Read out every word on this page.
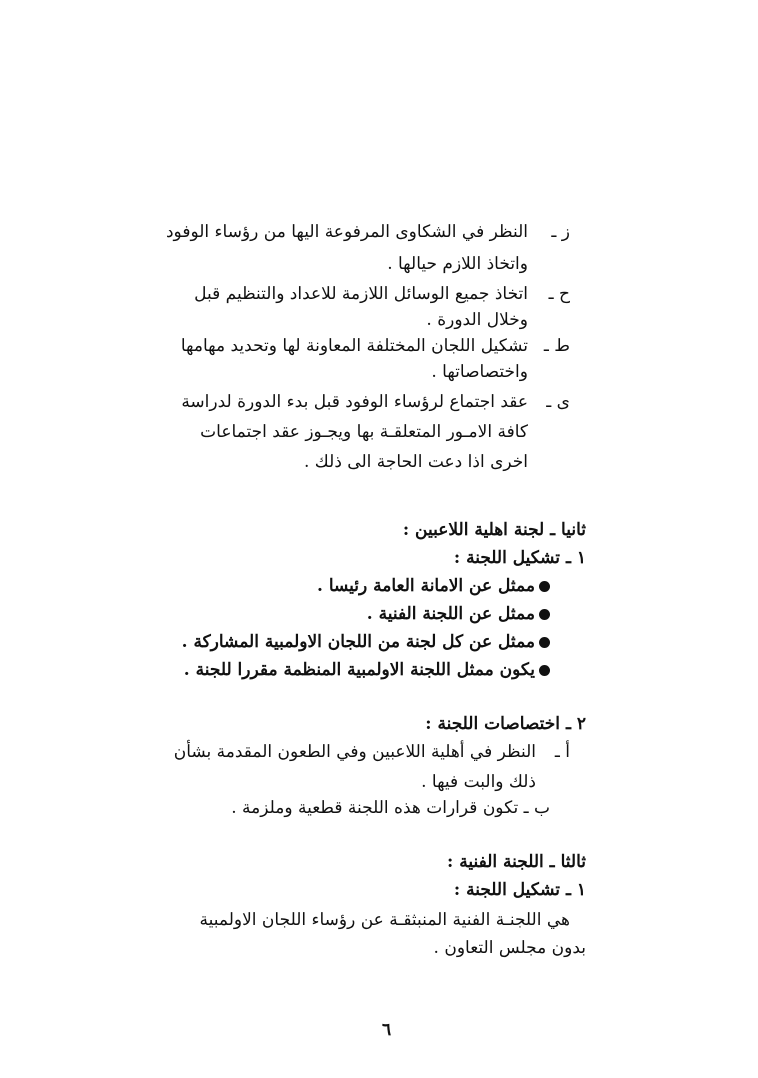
ز ـ
النظر في الشكاوى المرفوعة اليها من رؤساء الوفود
واتخاذ اللازم حيالها .
ح ـ
اتخاذ جميع الوسائل اللازمة للاعداد والتنظيم قبل
وخلال الدورة .
ط ـ
تشكيل اللجان المختلفة المعاونة لها وتحديد مهامها
واختصاصاتها .
ى ـ
عقد اجتماع لرؤساء الوفود قبل بدء الدورة لدراسة
كافة الامـور المتعلقـة بها ويجـوز عقد اجتماعات
اخرى اذا دعت الحاجة الى ذلك .
ثانيا ـ لجنة اهلية اللاعبين :
١ ـ تشكيل اللجنة :
ممثل عن الامانة العامة رئيسا .
ممثل عن اللجنة الفنية .
ممثل عن كل لجنة من اللجان الاولمبية المشاركة .
يكون ممثل اللجنة الاولمبية المنظمة مقررا للجنة .
٢ ـ اختصاصات اللجنة :
أ ـ
النظر في أهلية اللاعبين وفي الطعون المقدمة بشأن
ذلك والبت فيها .
ب ـ تكون قرارات هذه اللجنة قطعية وملزمة .
ثالثا ـ اللجنة الفنية :
١ ـ تشكيل اللجنة :
هي اللجنـة الفنية المنبثقـة عن رؤساء اللجان الاولمبية
بدون مجلس التعاون .
٦
